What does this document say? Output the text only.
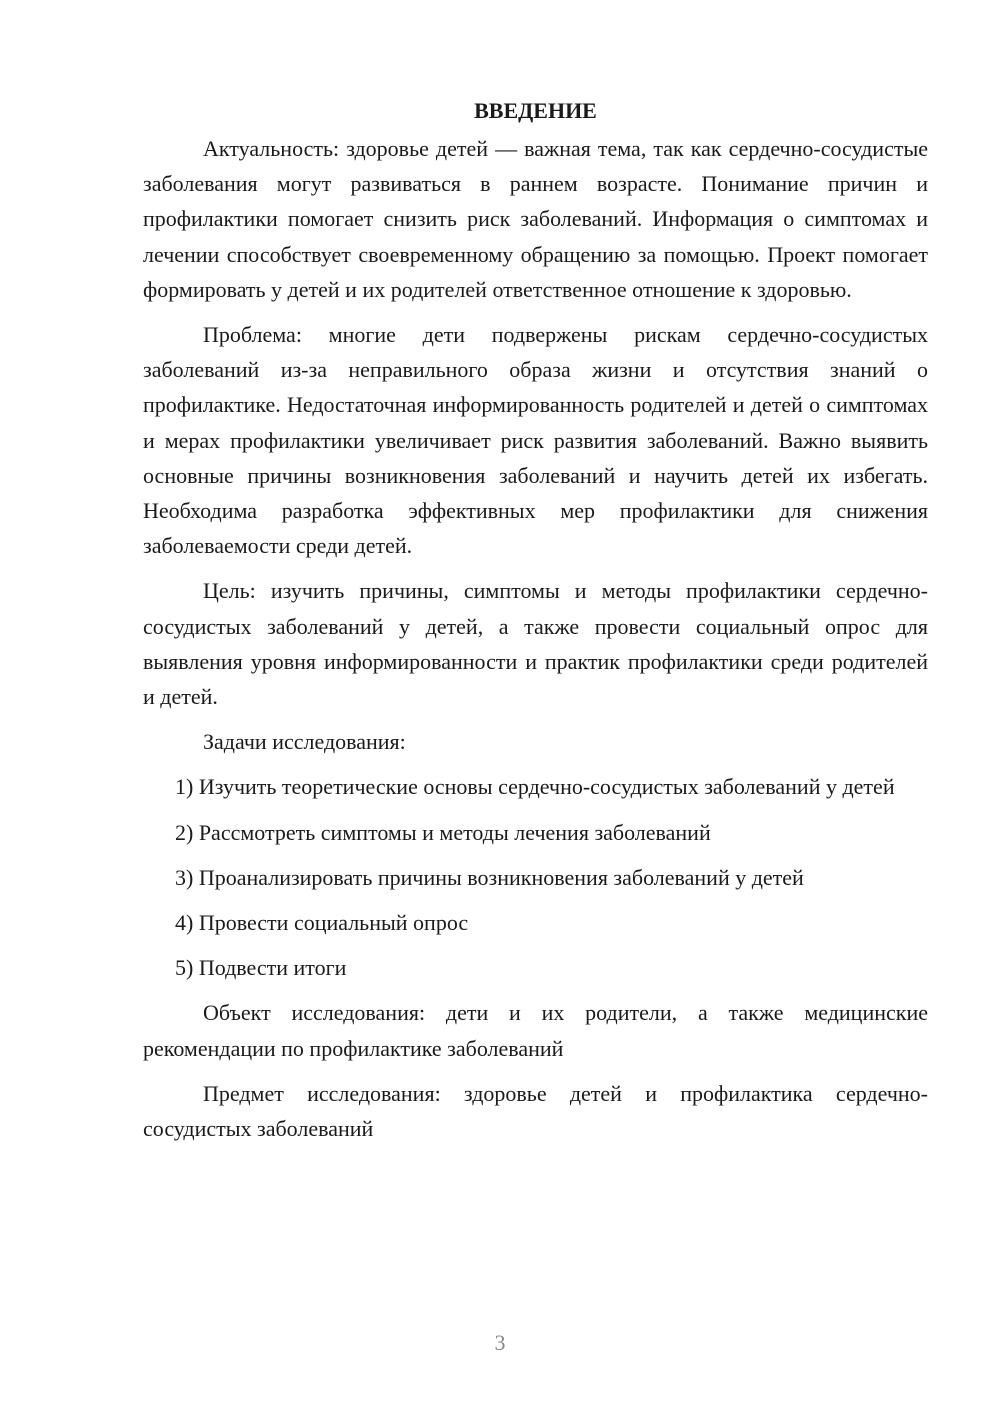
ВВЕДЕНИЕ

Актуальность: здоровье детей — важная тема, так как сердечно-сосудистые заболевания могут развиваться в раннем возрасте. Понимание причин и профилактики помогает снизить риск заболеваний. Информация о симптомах и лечении способствует своевременному обращению за помощью. Проект помогает формировать у детей и их родителей ответственное отношение к здоровью.

Проблема: многие дети подвержены рискам сердечно-сосудистых заболеваний из-за неправильного образа жизни и отсутствия знаний о профилактике. Недостаточная информированность родителей и детей о симптомах и мерах профилактики увеличивает риск развития заболеваний. Важно выявить основные причины возникновения заболеваний и научить детей их избегать. Необходима разработка эффективных мер профилактики для снижения заболеваемости среди детей.

Цель: изучить причины, симптомы и методы профилактики сердечно-сосудистых заболеваний у детей, а также провести социальный опрос для выявления уровня информированности и практик профилактики среди родителей и детей.

Задачи исследования:

1) Изучить теоретические основы сердечно-сосудистых заболеваний у детей

2) Рассмотреть симптомы и методы лечения заболеваний

3) Проанализировать причины возникновения заболеваний у детей

4) Провести социальный опрос

5) Подвести итоги

Объект исследования: дети и их родители, а также медицинские рекомендации по профилактике заболеваний

Предмет исследования: здоровье детей и профилактика сердечно-сосудистых заболеваний

3
